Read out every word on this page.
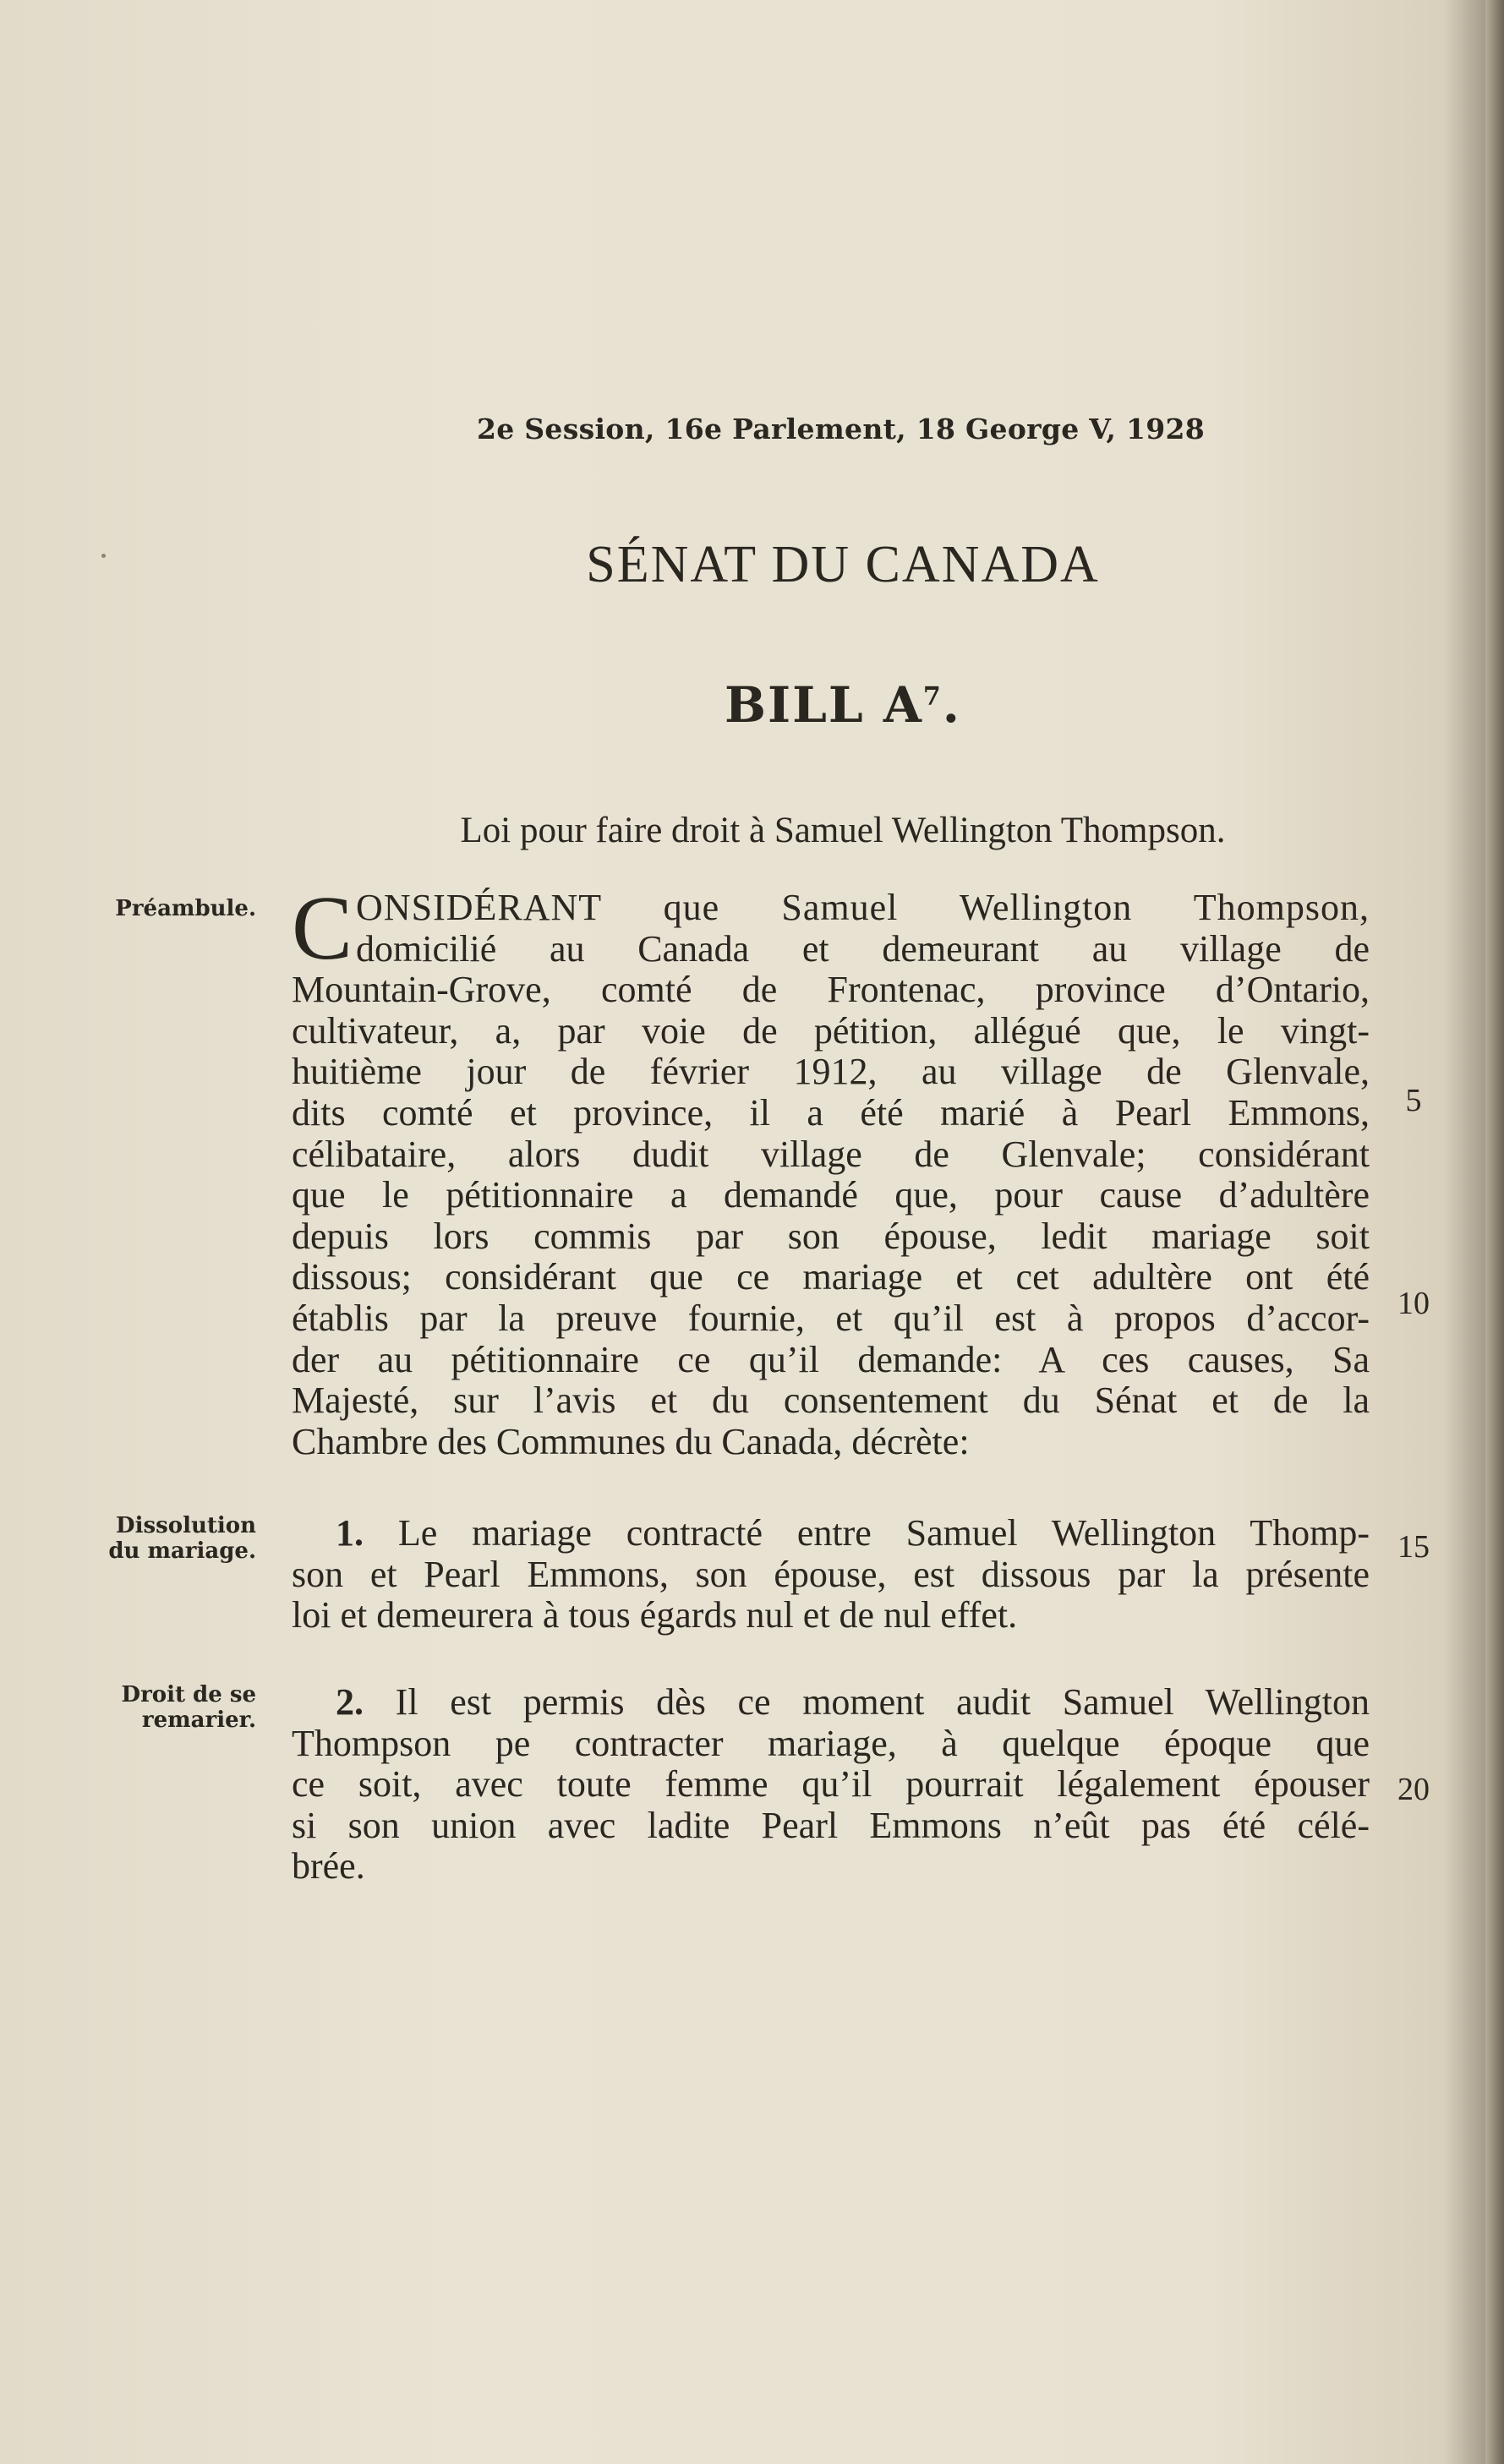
2e Session, 16e Parlement, 18 George V, 1928
SÉNAT DU CANADA
BILL $A^7$.
Loi pour faire droit à Samuel Wellington Thompson.
Préambule. C ONSIDÉRANT que Samuel Wellington Thompson,
domicilié au Canada et demeurant au village de
Mountain-Grove, comté de Frontenac, province d’Ontario,
cultivateur, a, par voie de pétition, allégué que, le vingt-
huitième jour de février 1912, au village de Glenvale,
dits comté et province, il a été marié à Pearl Emmons,
célibataire, alors dudit village de Glenvale; considérant
que le pétitionnaire a demandé que, pour cause d’adultère
depuis lors commis par son épouse, ledit mariage soit
dissous; considérant que ce mariage et cet adultère ont été
établis par la preuve fournie, et qu’il est à propos d’accor-
der au pétitionnaire ce qu’il demande: A ces causes, Sa
Majesté, sur l’avis et du consentement du Sénat et de la
Chambre des Communes du Canada, décrète:
Dissolution
du mariage.	1. Le mariage contracté entre Samuel Wellington Thomp-
son et Pearl Emmons, son épouse, est dissous par la présente
loi et demeurera à tous égards nul et de nul effet.
Droit de se
remarier.	2. Il est permis dès ce moment audit Samuel Wellington
Thompson pe contracter mariage, à quelque époque que
ce soit, avec toute femme qu’il pourrait légalement épouser
si son union avec ladite Pearl Emmons n’eût pas été célé-
brée.
5
10
15
20
